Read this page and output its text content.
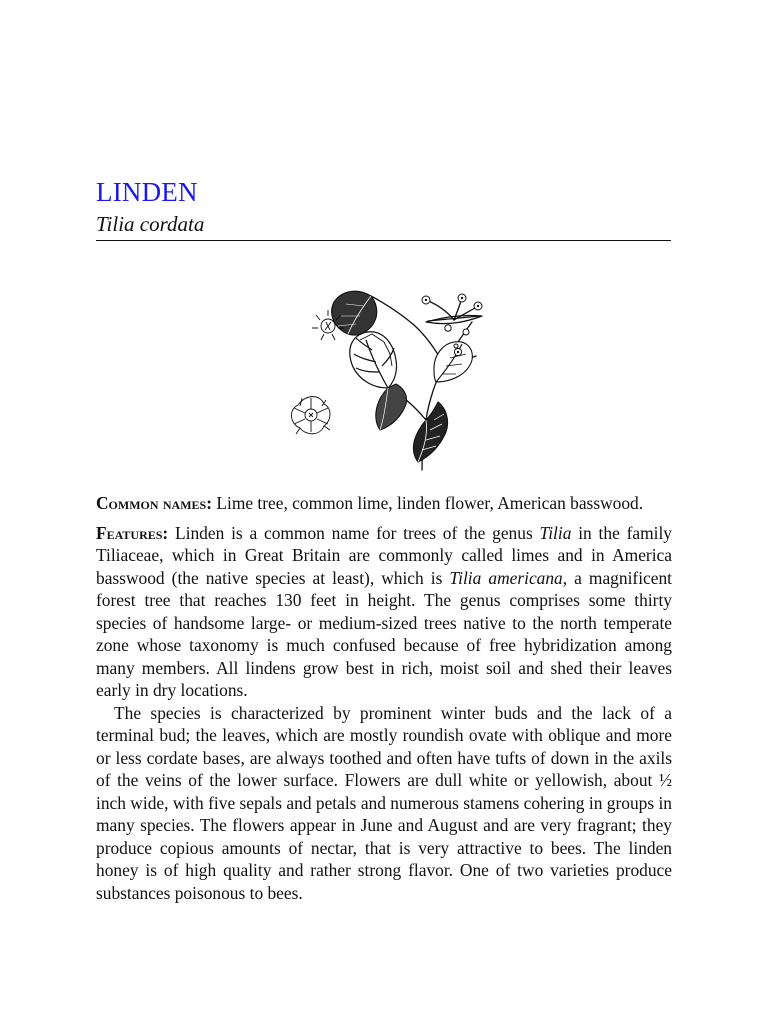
LINDEN
Tilia cordata

Common names: Lime tree, common lime, linden flower, American basswood.

Features: Linden is a common name for trees of the genus Tilia in the family Tiliaceae, which in Great Britain are commonly called limes and in America basswood (the native species at least), which is Tilia americana, a magnificent forest tree that reaches 130 feet in height. The genus comprises some thirty species of handsome large- or medium-sized trees native to the north temperate zone whose taxonomy is much confused because of free hybridization among many members. All lindens grow best in rich, moist soil and shed their leaves early in dry locations.

The species is characterized by prominent winter buds and the lack of a terminal bud; the leaves, which are mostly roundish ovate with oblique and more or less cordate bases, are always toothed and often have tufts of down in the axils of the veins of the lower surface. Flowers are dull white or yellowish, about ½ inch wide, with five sepals and petals and numerous stamens cohering in groups in many species. The flowers appear in June and August and are very fragrant; they produce copious amounts of nectar, that is very attractive to bees. The linden honey is of high quality and rather strong flavor. One of two varieties produce substances poisonous to bees.
